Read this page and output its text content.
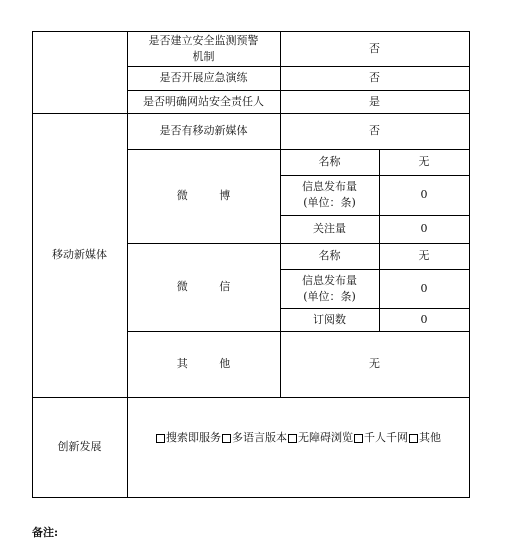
是否建立安全监测预警
机制
否
是否开展应急演练	否
是否明确网站安全责任人	是
移动新媒体
是否有移动新媒体	否
微 博
名称	无
信息发布量
(单位：条)
0
关注量	0
微 信
名称	无
信息发布量
(单位：条)
0
订阅数	0
其 他	无
创新发展
搜索即服务 多语言版本 无障碍浏览 千人千网 其他
备注:
